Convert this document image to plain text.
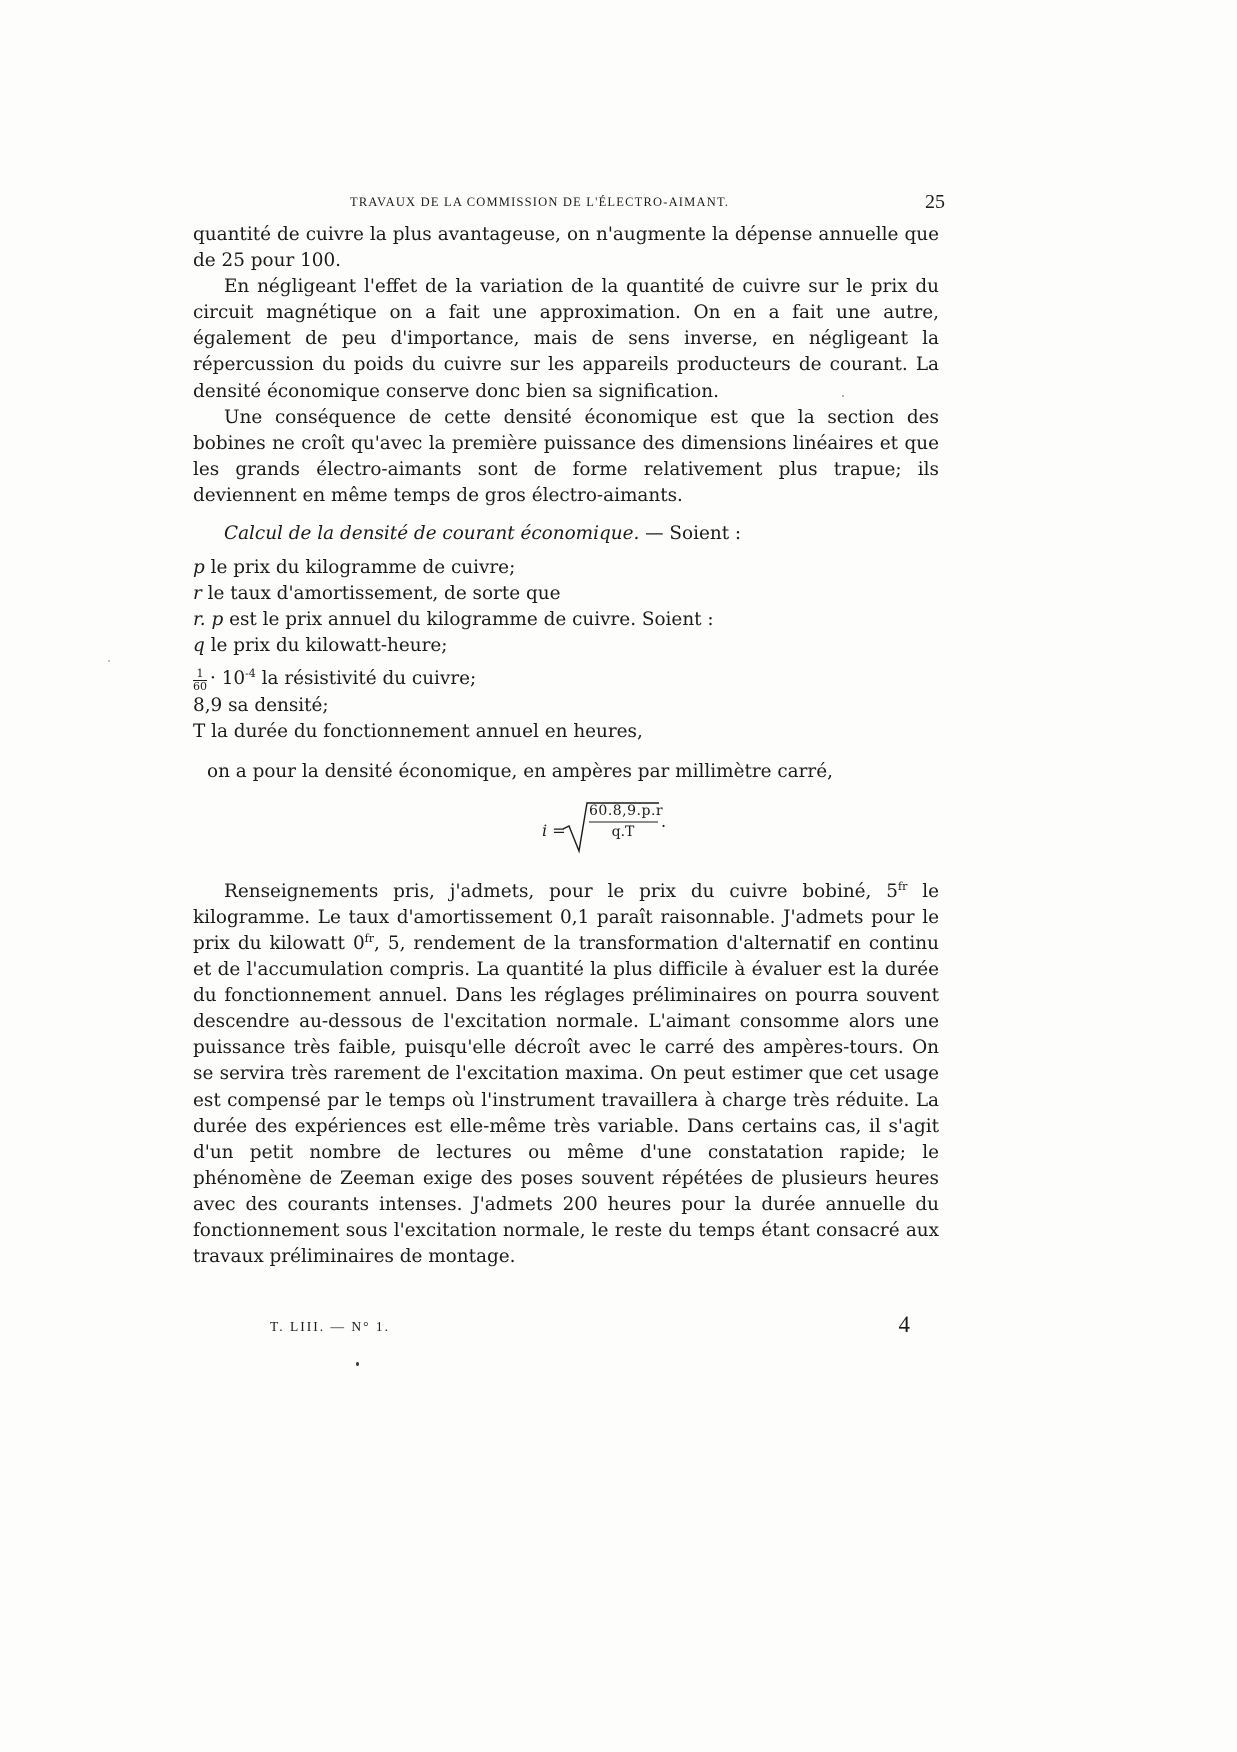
TRAVAUX DE LA COMMISSION DE L'ÉLECTRO-AIMANT.	25

quantité de cuivre la plus avantageuse, on n'augmente la dépense annuelle que de 25 pour 100.

En négligeant l'effet de la variation de la quantité de cuivre sur le prix du circuit magnétique on a fait une approximation. On en a fait une autre, également de peu d'importance, mais de sens inverse, en négligeant la répercussion du poids du cuivre sur les appareils producteurs de courant. La densité économique conserve donc bien sa signification.

Une conséquence de cette densité économique est que la section des bobines ne croît qu'avec la première puissance des dimensions linéaires et que les grands électro-aimants sont de forme relativement plus trapue; ils deviennent en même temps de gros électro-aimants.

Calcul de la densité de courant économique. — Soient :

p le prix du kilogramme de cuivre;
r le taux d'amortissement, de sorte que
r. p est le prix annuel du kilogramme de cuivre. Soient :
q le prix du kilowatt-heure;
$\frac{1}{60} \cdot 10^{-4}$ la résistivité du cuivre;
8,9 sa densité;
T la durée du fonctionnement annuel en heures,

on a pour la densité économique, en ampères par millimètre carré,

i =
60.8,9.p.r
q.T
.

Renseignements pris, j'admets, pour le prix du cuivre bobiné, $5^{fr}$ le kilogramme. Le taux d'amortissement 0,1 paraît raisonnable. J'admets pour le prix du kilowatt $0^{fr}$, 5, rendement de la transformation d'alternatif en continu et de l'accumulation compris. La quantité la plus difficile à évaluer est la durée du fonctionnement annuel. Dans les réglages préliminaires on pourra souvent descendre au-dessous de l'excitation normale. L'aimant consomme alors une puissance très faible, puisqu'elle décroît avec le carré des ampères-tours. On se servira très rarement de l'excitation maxima. On peut estimer que cet usage est compensé par le temps où l'instrument travaillera à charge très réduite. La durée des expériences est elle-même très variable. Dans certains cas, il s'agit d'un petit nombre de lectures ou même d'une constatation rapide; le phénomène de Zeeman exige des poses souvent répétées de plusieurs heures avec des courants intenses. J'admets 200 heures pour la durée annuelle du fonctionnement sous l'excitation normale, le reste du temps étant consacré aux travaux préliminaires de montage.

T. LIII. — N° 1.	4
